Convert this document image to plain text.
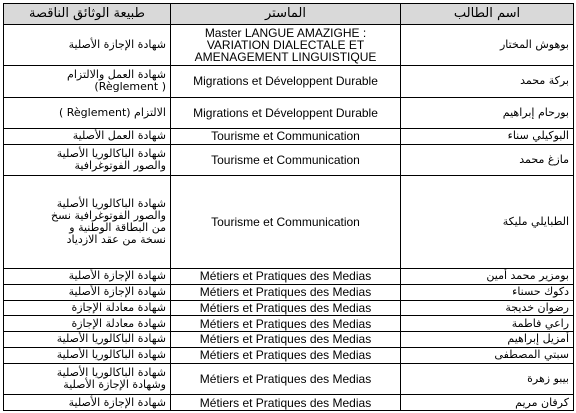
طبيعة الوثائق الناقصة	الماستر	اسم الطالب
شهادة الإجازة الأصلية	Master LANGUE AMAZIGHE : VARIATION DIALECTALE ET AMENAGEMENT LINGUISTIQUE	بوهوش المختار
شهادة العمل والالتزام
( Règlement)	Migrations et Développent Durable	بركة محمد
الالتزام (Règlement )	Migrations et Développent Durable	بورحام إبراهيم
شهادة العمل الأصلية	Tourisme et Communication	البوكيلي سناء
شهادة الباكالوريا الأصلية
والصور الفوتوغرافية	Tourisme et Communication	مازغ محمد
شهادة الباكالوريا الأصلية
والصور الفوتوغرافية نسخ
من البطاقة الوطنية و
نسخة من عقد الازدياد	Tourisme et Communication	الطبايلي مليكة
شهادة الإجازة الأصلية	Métiers et Pratiques des Medias	بومزير محمد أمين
شهادة الإجازة الأصلية	Métiers et Pratiques des Medias	دكوك حسناء
شهادة معادلة الإجازة	Métiers et Pratiques des Medias	رضوان خديجة
شهادة معادلة الإجازة	Métiers et Pratiques des Medias	راعي فاطمة
شهادة الباكالوريا الأصلية	Métiers et Pratiques des Medias	أمزيل إبراهيم
شهادة الباكالوريا الأصلية	Métiers et Pratiques des Medias	سبتي المصطفى
شهادة الباكالوريا الأصلية
وشهادة الإجازة الأصلية	Métiers et Pratiques des Medias	بيبو زهرة
شهادة الإجازة الأصلية	Métiers et Pratiques des Medias	كرفان مريم
